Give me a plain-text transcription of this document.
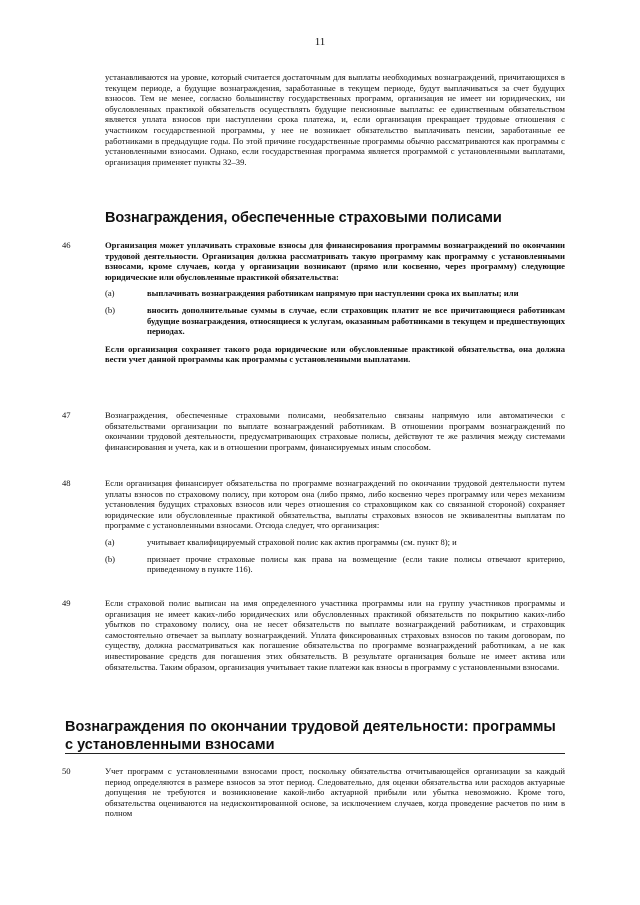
11
устанавливаются на уровне, который считается достаточным для выплаты необходимых вознаграждений, причитающихся в текущем периоде, а будущие вознаграждения, заработанные в текущем периоде, будут выплачиваться за счет будущих взносов. Тем не менее, согласно большинству государственных программ, организация не имеет ни юридических, ни обусловленных практикой обязательств осуществлять будущие пенсионные выплаты: ее единственным обязательством является уплата взносов при наступлении срока платежа, и, если организация прекращает трудовые отношения с участником государственной программы, у нее не возникает обязательство выплачивать пенсии, заработанные ее работниками в предыдущие годы. По этой причине государственные программы обычно рассматриваются как программы с установленными взносами. Однако, если государственная программа является программой с установленными выплатами, организация применяет пункты 32–39.
Вознаграждения, обеспеченные страховыми полисами
46	Организация может уплачивать страховые взносы для финансирования программы вознаграждений по окончании трудовой деятельности. Организация должна рассматривать такую программу как программу с установленными взносами, кроме случаев, когда у организации возникают (прямо или косвенно, через программу) следующие юридические или обусловленные практикой обязательства:
(a)	выплачивать вознаграждения работникам напрямую при наступлении срока их выплаты; или
(b)	вносить дополнительные суммы в случае, если страховщик платит не все причитающиеся работникам будущие вознаграждения, относящиеся к услугам, оказанным работниками в текущем и предшествующих периодах.
Если организация сохраняет такого рода юридические или обусловленные практикой обязательства, она должна вести учет данной программы как программы с установленными выплатами.
47	Вознаграждения, обеспеченные страховыми полисами, необязательно связаны напрямую или автоматически с обязательствами организации по выплате вознаграждений работникам. В отношении программ вознаграждений по окончании трудовой деятельности, предусматривающих страховые полисы, действуют те же различия между системами финансирования и учета, как и в отношении программ, финансируемых иным способом.
48	Если организация финансирует обязательства по программе вознаграждений по окончании трудовой деятельности путем уплаты взносов по страховому полису, при котором она (либо прямо, либо косвенно через программу или через механизм установления будущих страховых взносов или через отношения со страховщиком как со связанной стороной) сохраняет юридические или обусловленные практикой обязательства, выплаты страховых взносов не эквивалентны выплатам по программе с установленными взносами. Отсюда следует, что организация:
(a)	учитывает квалифицируемый страховой полис как актив программы (см. пункт 8); и
(b)	признает прочие страховые полисы как права на возмещение (если такие полисы отвечают критерию, приведенному в пункте 116).
49	Если страховой полис выписан на имя определенного участника программы или на группу участников программы и организация не имеет каких-либо юридических или обусловленных практикой обязательств по покрытию каких-либо убытков по страховому полису, она не несет обязательств по выплате вознаграждений работникам, и страховщик самостоятельно отвечает за выплату вознаграждений. Уплата фиксированных страховых взносов по таким договорам, по существу, должна рассматриваться как погашение обязательства по программе вознаграждений работникам, а не как инвестирование средств для погашения этих обязательств. В результате организация больше не имеет актива или обязательства. Таким образом, организация учитывает такие платежи как взносы в программу с установленными взносами.
Вознаграждения по окончании трудовой деятельности: программы с установленными взносами
50	Учет программ с установленными взносами прост, поскольку обязательства отчитывающейся организации за каждый период определяются в размере взносов за этот период. Следовательно, для оценки обязательства или расходов актуарные допущения не требуются и возникновение какой-либо актуарной прибыли или убытка невозможно. Кроме того, обязательства оцениваются на недисконтированной основе, за исключением случаев, когда проведение расчетов по ним в полном
